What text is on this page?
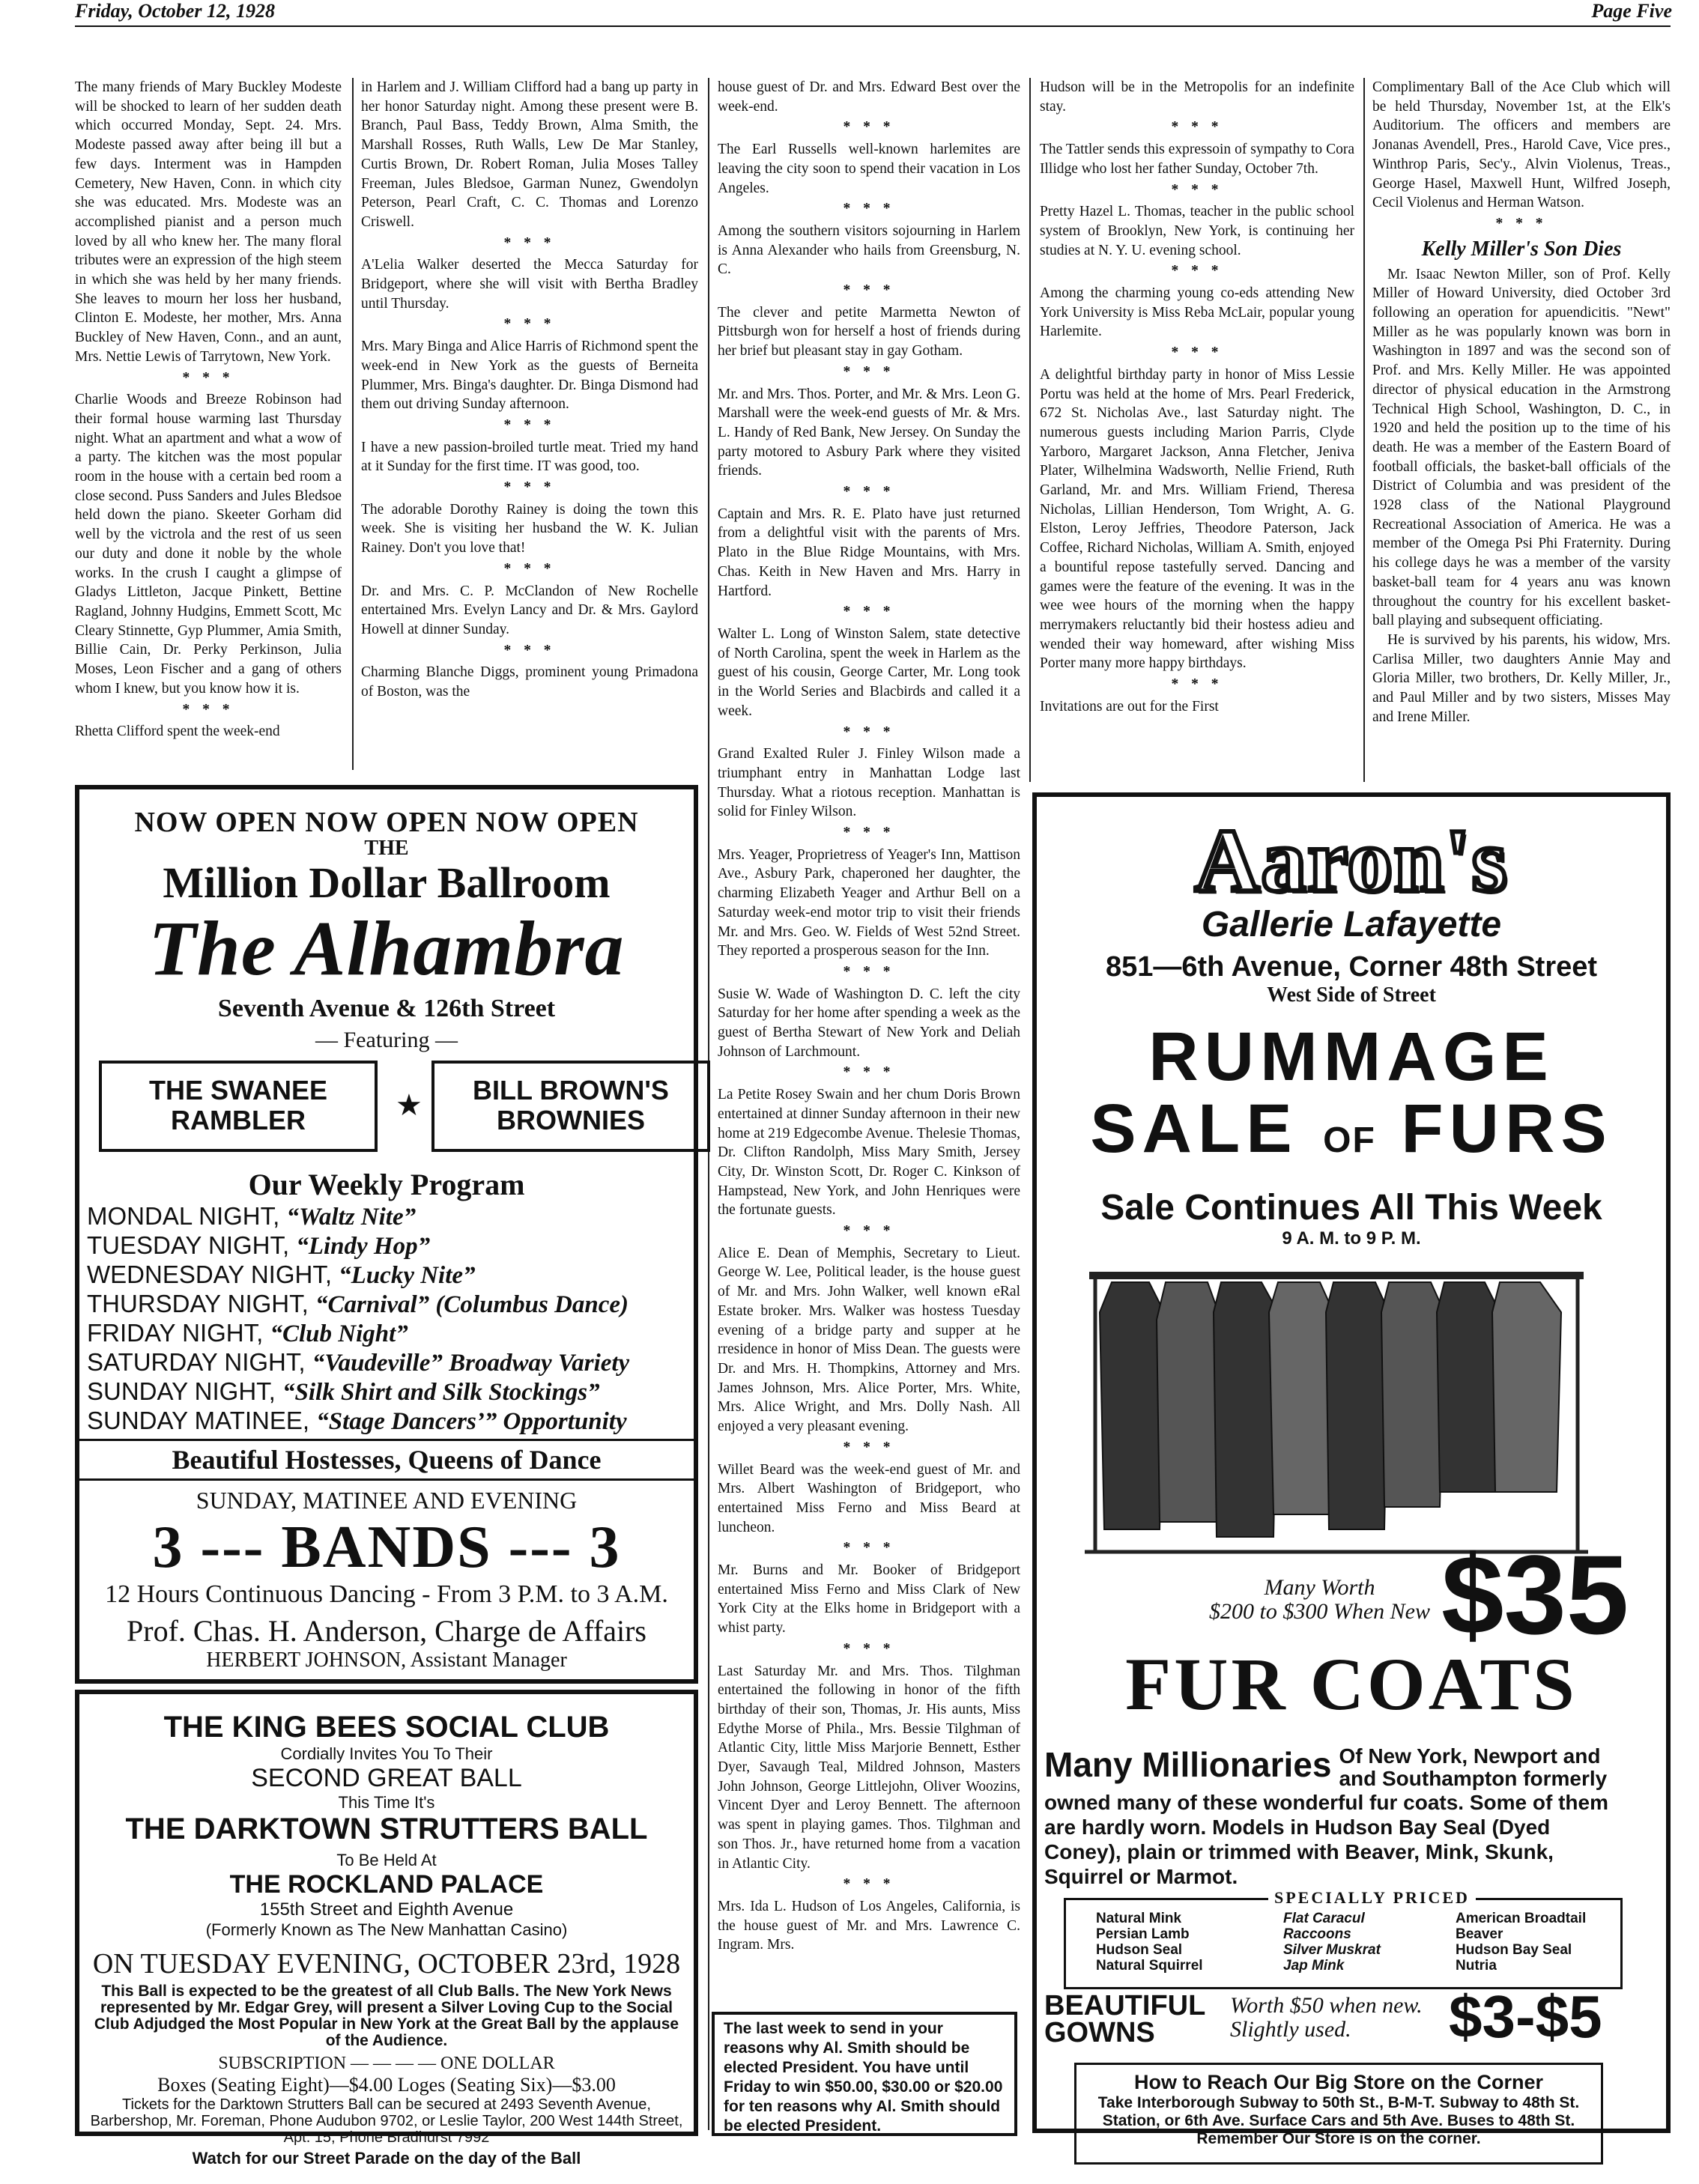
Friday, October 12, 1928	Page Five

The many friends of Mary Buckley Modeste will be shocked to learn of her sudden death which occurred Monday, Sept. 24. Mrs. Modeste passed away after being ill but a few days. Interment was in Hampden Cemetery, New Haven, Conn. in which city she was educated. Mrs. Modeste was an accomplished pianist and a person much loved by all who knew her. The many floral tributes were an expression of the high steem in which she was held by her many friends. She leaves to mourn her loss her husband, Clinton E. Modeste, her mother, Mrs. Anna Buckley of New Haven, Conn., and an aunt, Mrs. Nettie Lewis of Tarrytown, New York.

* * *

Charlie Woods and Breeze Robinson had their formal house warming last Thursday night. What an apartment and what a wow of a party. The kitchen was the most popular room in the house with a certain bed room a close second. Puss Sanders and Jules Bledsoe held down the piano. Skeeter Gorham did well by the victrola and the rest of us seen our duty and done it noble by the whole works. In the crush I caught a glimpse of Gladys Littleton, Jacque Pinkett, Bettine Ragland, Johnny Hudgins, Emmett Scott, Mc Cleary Stinnette, Gyp Plummer, Amia Smith, Billie Cain, Dr. Perky Perkinson, Julia Moses, Leon Fischer and a gang of others whom I knew, but you know how it is.

* * *

Rhetta Clifford spent the week-end

in Harlem and J. William Clifford had a bang up party in her honor Saturday night. Among these present were B. Branch, Paul Bass, Teddy Brown, Alma Smith, the Marshall Rosses, Ruth Walls, Lew De Mar Stanley, Curtis Brown, Dr. Robert Roman, Julia Moses Talley Freeman, Jules Bledsoe, Garman Nunez, Gwendolyn Peterson, Pearl Craft, C. C. Thomas and Lorenzo Criswell.

* * *

A'Lelia Walker deserted the Mecca Saturday for Bridgeport, where she will visit with Bertha Bradley until Thursday.

* * *

Mrs. Mary Binga and Alice Harris of Richmond spent the week-end in New York as the guests of Berneita Plummer, Mrs. Binga's daughter. Dr. Binga Dismond had them out driving Sunday afternoon.

* * *

I have a new passion-broiled turtle meat. Tried my hand at it Sunday for the first time. IT was good, too.

* * *

The adorable Dorothy Rainey is doing the town this week. She is visiting her husband the W. K. Julian Rainey. Don't you love that!

* * *

Dr. and Mrs. C. P. McClandon of New Rochelle entertained Mrs. Evelyn Lancy and Dr. & Mrs. Gaylord Howell at dinner Sunday.

* * *

Charming Blanche Diggs, prominent young Primadona of Boston, was the

house guest of Dr. and Mrs. Edward Best over the week-end.

* * *

The Earl Russells well-known harlemites are leaving the city soon to spend their vacation in Los Angeles.

* * *

Among the southern visitors sojourning in Harlem is Anna Alexander who hails from Greensburg, N. C.

* * *

The clever and petite Marmetta Newton of Pittsburgh won for herself a host of friends during her brief but pleasant stay in gay Gotham.

* * *

Mr. and Mrs. Thos. Porter, and Mr. & Mrs. Leon G. Marshall were the week-end guests of Mr. & Mrs. L. Handy of Red Bank, New Jersey. On Sunday the party motored to Asbury Park where they visited friends.

* * *

Captain and Mrs. R. E. Plato have just returned from a delightful visit with the parents of Mrs. Plato in the Blue Ridge Mountains, with Mrs. Chas. Keith in New Haven and Mrs. Harry in Hartford.

* * *

Walter L. Long of Winston Salem, state detective of North Carolina, spent the week in Harlem as the guest of his cousin, George Carter, Mr. Long took in the World Series and Blacbirds and called it a week.

* * *

Grand Exalted Ruler J. Finley Wilson made a triumphant entry in Manhattan Lodge last Thursday. What a riotous reception. Manhattan is solid for Finley Wilson.

* * *

Mrs. Yeager, Proprietress of Yeager's Inn, Mattison Ave., Asbury Park, chaperoned her daughter, the charming Elizabeth Yeager and Arthur Bell on a Saturday week-end motor trip to visit their friends Mr. and Mrs. Geo. W. Fields of West 52nd Street. They reported a prosperous season for the Inn.

* * *

Susie W. Wade of Washington D. C. left the city Saturday for her home after spending a week as the guest of Bertha Stewart of New York and Deliah Johnson of Larchmount.

* * *

La Petite Rosey Swain and her chum Doris Brown entertained at dinner Sunday afternoon in their new home at 219 Edgecombe Avenue. Thelesie Thomas, Dr. Clifton Randolph, Miss Mary Smith, Jersey City, Dr. Winston Scott, Dr. Roger C. Kinkson of Hampstead, New York, and John Henriques were the fortunate guests.

* * *

Alice E. Dean of Memphis, Secretary to Lieut. George W. Lee, Political leader, is the house guest of Mr. and Mrs. John Walker, well known eRal Estate broker. Mrs. Walker was hostess Tuesday evening of a bridge party and supper at he rresidence in honor of Miss Dean. The guests were Dr. and Mrs. H. Thompkins, Attorney and Mrs. James Johnson, Mrs. Alice Porter, Mrs. White, Mrs. Alice Wright, and Mrs. Dolly Nash. All enjoyed a very pleasant evening.

* * *

Willet Beard was the week-end guest of Mr. and Mrs. Albert Washington of Bridgeport, who entertained Miss Ferno and Miss Beard at luncheon.

* * *

Mr. Burns and Mr. Booker of Bridgeport entertained Miss Ferno and Miss Clark of New York City at the Elks home in Bridgeport with a whist party.

* * *

Last Saturday Mr. and Mrs. Thos. Tilghman entertained the following in honor of the fifth birthday of their son, Thomas, Jr. His aunts, Miss Edythe Morse of Phila., Mrs. Bessie Tilghman of Atlantic City, little Miss Marjorie Bennett, Esther Dyer, Savaugh Teal, Mildred Johnson, Masters John Johnson, George Littlejohn, Oliver Woozins, Vincent Dyer and Leroy Bennett. The afternoon was spent in playing games. Thos. Tilghman and son Thos. Jr., have returned home from a vacation in Atlantic City.

* * *

Mrs. Ida L. Hudson of Los Angeles, California, is the house guest of Mr. and Mrs. Lawrence C. Ingram. Mrs.

Hudson will be in the Metropolis for an indefinite stay.

* * *

The Tattler sends this expressoin of sympathy to Cora Illidge who lost her father Sunday, October 7th.

* * *

Pretty Hazel L. Thomas, teacher in the public school system of Brooklyn, New York, is continuing her studies at N. Y. U. evening school.

* * *

Among the charming young co-eds attending New York University is Miss Reba McLair, popular young Harlemite.

* * *

A delightful birthday party in honor of Miss Lessie Portu was held at the home of Mrs. Pearl Frederick, 672 St. Nicholas Ave., last Saturday night. The numerous guests including Marion Parris, Clyde Yarboro, Margaret Jackson, Anna Fletcher, Jeniva Plater, Wilhelmina Wadsworth, Nellie Friend, Ruth Garland, Mr. and Mrs. William Friend, Theresa Nicholas, Lillian Henderson, Tom Wright, A. G. Elston, Leroy Jeffries, Theodore Paterson, Jack Coffee, Richard Nicholas, William A. Smith, enjoyed a bountiful repose tastefully served. Dancing and games were the feature of the evening. It was in the wee wee hours of the morning when the happy merrymakers reluctantly bid their hostess adieu and wended their way homeward, after wishing Miss Porter many more happy birthdays.

* * *

Invitations are out for the First

Complimentary Ball of the Ace Club which will be held Thursday, November 1st, at the Elk's Auditorium. The officers and members are Jonanas Avendell, Pres., Harold Cave, Vice pres., Winthrop Paris, Sec'y., Alvin Violenus, Treas., George Hasel, Maxwell Hunt, Wilfred Joseph, Cecil Violenus and Herman Watson.

* * *

Kelly Miller's Son Dies

Mr. Isaac Newton Miller, son of Prof. Kelly Miller of Howard University, died October 3rd following an operation for apuendicitis. "Newt" Miller as he was popularly known was born in Washington in 1897 and was the second son of Prof. and Mrs. Kelly Miller. He was appointed director of physical education in the Armstrong Technical High School, Washington, D. C., in 1920 and held the position up to the time of his death. He was a member of the Eastern Board of football officials, the basket-ball officials of the District of Columbia and was president of the 1928 class of the National Playground Recreational Association of America. He was a member of the Omega Psi Phi Fraternity. During his college days he was a member of the varsity basket-ball team for 4 years anu was known throughout the country for his excellent basket-ball playing and subsequent officiating.

He is survived by his parents, his widow, Mrs. Carlisa Miller, two daughters Annie May and Gloria Miller, two brothers, Dr. Kelly Miller, Jr., and Paul Miller and by two sisters, Misses May and Irene Miller.

NOW OPEN NOW OPEN NOW OPEN
THE
Million Dollar Ballroom
The Alhambra
Seventh Avenue & 126th Street
— Featuring —
THE SWANEE RAMBLER	★	BILL BROWN'S BROWNIES
Our Weekly Program
MONDAL NIGHT, “Waltz Nite”
TUESDAY NIGHT, “Lindy Hop”
WEDNESDAY NIGHT, “Lucky Nite”
THURSDAY NIGHT, “Carnival” (Columbus Dance)
FRIDAY NIGHT, “Club Night”
SATURDAY NIGHT, “Vaudeville” Broadway Variety
SUNDAY NIGHT, “Silk Shirt and Silk Stockings”
SUNDAY MATINEE, “Stage Dancers’” Opportunity
Beautiful Hostesses, Queens of Dance
SUNDAY, MATINEE AND EVENING
3 --- BANDS --- 3
12 Hours Continuous Dancing - From 3 P.M. to 3 A.M.
Prof. Chas. H. Anderson, Charge de Affairs
HERBERT JOHNSON, Assistant Manager
THE KING BEES SOCIAL CLUB
Cordially Invites You To Their
SECOND GREAT BALL
This Time It's
THE DARKTOWN STRUTTERS BALL
To Be Held At
THE ROCKLAND PALACE
155th Street and Eighth Avenue
(Formerly Known as The New Manhattan Casino)
ON TUESDAY EVENING, OCTOBER 23rd, 1928
This Ball is expected to be the greatest of all Club Balls. The New York News represented by Mr. Edgar Grey, will present a Silver Loving Cup to the Social Club Adjudged the Most Popular in New York at the Great Ball by the applause of the Audience.
SUBSCRIPTION — — — — ONE DOLLAR
Boxes (Seating Eight)—$4.00 Loges (Seating Six)—$3.00
Tickets for the Darktown Strutters Ball can be secured at 2493 Seventh Avenue, Barbershop, Mr. Foreman, Phone Audubon 9702, or Leslie Taylor, 200 West 144th Street, Apt. 15, Phone Bradhurst 7992
Watch for our Street Parade on the day of the Ball
The last week to send in your reasons why Al. Smith should be elected President. You have until Friday to win $50.00, $30.00 or $20.00 for ten reasons why Al. Smith should be elected President.
Aaron's
Gallerie Lafayette
851—6th Avenue, Corner 48th Street
West Side of Street
RUMMAGE
SALE OF FURS
Sale Continues All This Week
9 A. M. to 9 P. M.
Many Worth
$200 to $300 When New $35
FUR COATS
Many Millionaries Of New York, Newport and
and Southampton formerly
owned many of these wonderful fur coats. Some of them are hardly worn. Models in Hudson Bay Seal (Dyed Coney), plain or trimmed with Beaver, Mink, Skunk, Squirrel or Marmot.
SPECIALLY PRICED
Natural Mink
Persian Lamb
Hudson Seal
Natural Squirrel
Flat Caracul
Raccoons
Silver Muskrat
Jap Mink
American Broadtail
Beaver
Hudson Bay Seal
Nutria
BEAUTIFUL
GOWNS
Worth $50 when new.
Slightly used.	$3-$5
How to Reach Our Big Store on the Corner
Take Interborough Subway to 50th St., B-M-T. Subway to 48th St. Station, or 6th Ave. Surface Cars and 5th Ave. Buses to 48th St. Remember Our Store is on the corner.
